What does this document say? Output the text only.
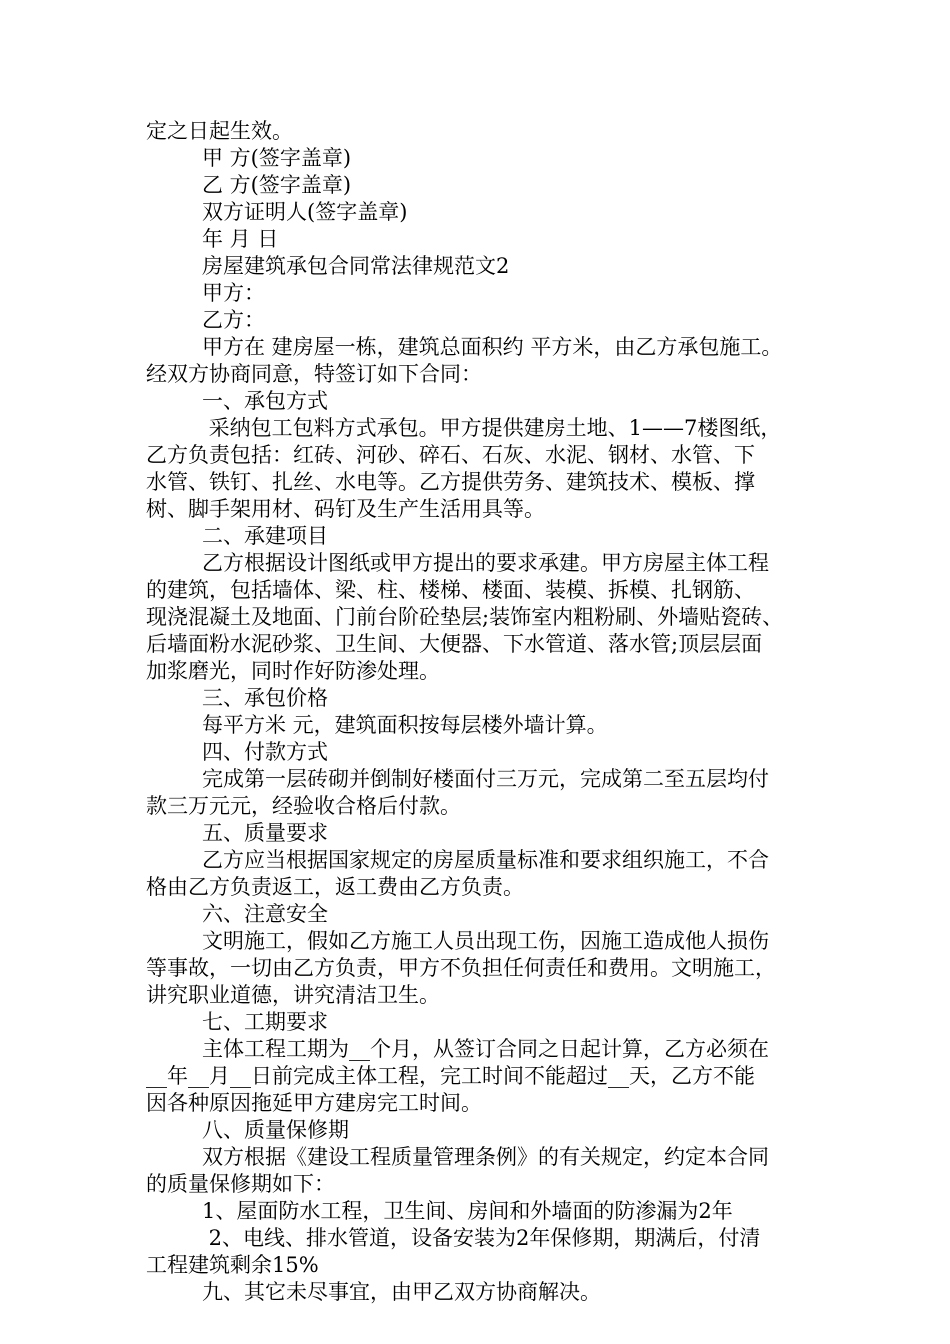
定之日起生效。
甲 方(签字盖章)
乙 方(签字盖章)
双方证明人(签字盖章)
年 月 日
房屋建筑承包合同常法律规范文2
甲方：
乙方：
甲方在 建房屋一栋，建筑总面积约 平方米，由乙方承包施工。
经双方协商同意，特签订如下合同：
一、承包方式
采纳包工包料方式承包。甲方提供建房土地、1——7楼图纸，
乙方负责包括：红砖、河砂、碎石、石灰、水泥、钢材、水管、下
水管、铁钉、扎丝、水电等。乙方提供劳务、建筑技术、模板、撑
树、脚手架用材、码钉及生产生活用具等。
二、承建项目
乙方根据设计图纸或甲方提出的要求承建。甲方房屋主体工程
的建筑，包括墙体、梁、柱、楼梯、楼面、装模、拆模、扎钢筋、
现浇混凝土及地面、门前台阶砼垫层;装饰室内粗粉刷、外墙贴瓷砖、
后墙面粉水泥砂浆、卫生间、大便器、下水管道、落水管;顶层层面
加浆磨光，同时作好防渗处理。
三、承包价格
每平方米 元，建筑面积按每层楼外墙计算。
四、付款方式
完成第一层砖砌并倒制好楼面付三万元，完成第二至五层均付
款三万元元，经验收合格后付款。
五、质量要求
乙方应当根据国家规定的房屋质量标准和要求组织施工，不合
格由乙方负责返工，返工费由乙方负责。
六、注意安全
文明施工，假如乙方施工人员出现工伤，因施工造成他人损伤
等事故，一切由乙方负责，甲方不负担任何责任和费用。文明施工，
讲究职业道德，讲究清洁卫生。
七、工期要求
主体工程工期为__个月，从签订合同之日起计算，乙方必须在
__年__月__日前完成主体工程，完工时间不能超过__天，乙方不能
因各种原因拖延甲方建房完工时间。
八、质量保修期
双方根据《建设工程质量管理条例》的有关规定，约定本合同
的质量保修期如下：
1、屋面防水工程，卫生间、房间和外墙面的防渗漏为2年
2、电线、排水管道，设备安装为2年保修期，期满后，付清
工程建筑剩余15%
九、其它未尽事宜，由甲乙双方协商解决。
